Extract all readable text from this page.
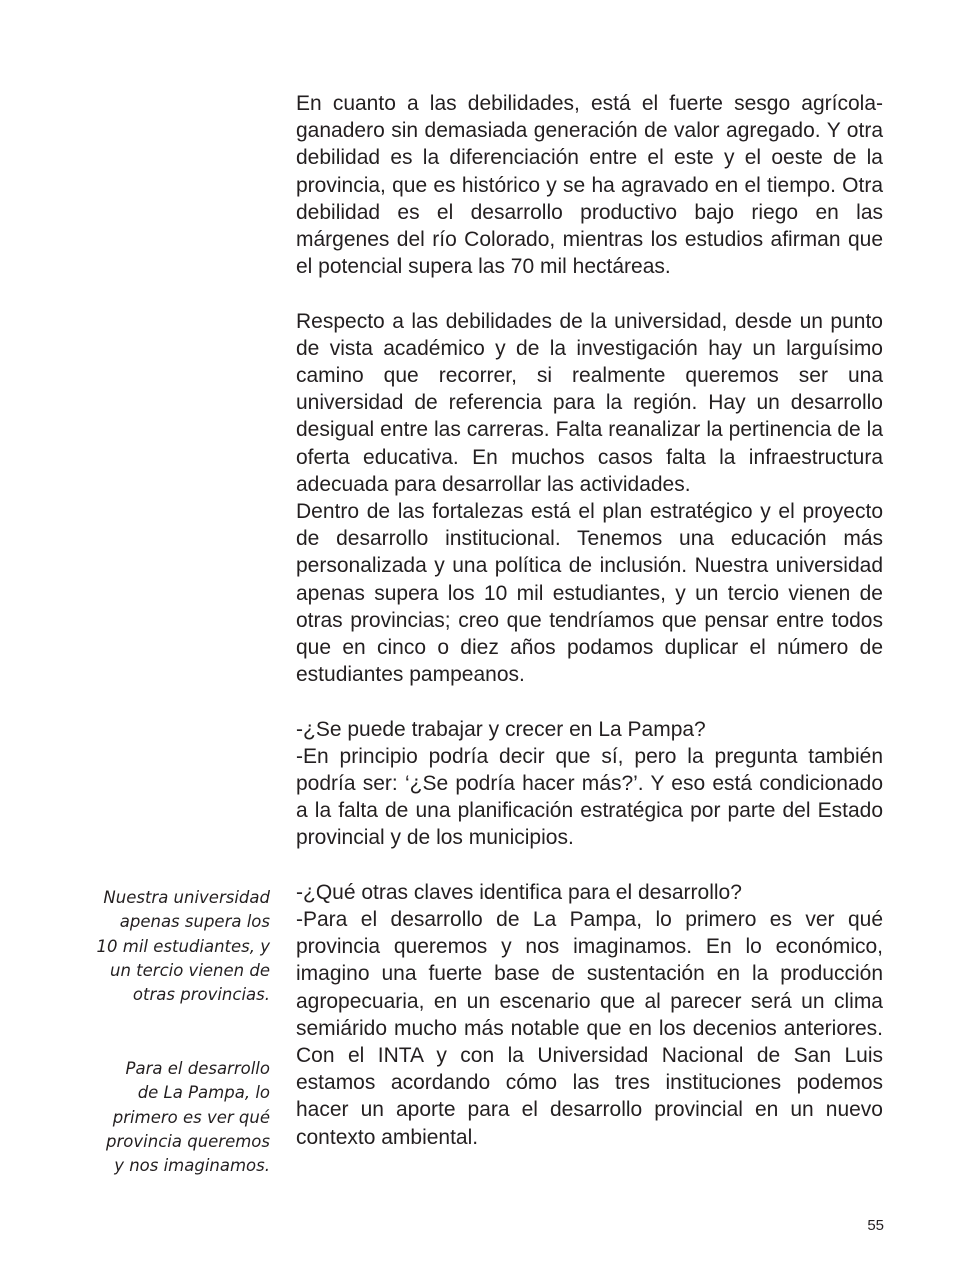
En cuanto a las debilidades, está el fuerte sesgo agrícola-ganadero sin demasiada generación de valor agregado. Y otra debilidad es la diferenciación entre el este y el oeste de la provincia, que es histórico y se ha agravado en el tiempo. Otra debilidad es el desarrollo productivo bajo riego en las márgenes del río Colorado, mientras los estudios afirman que el potencial supera las 70 mil hectáreas.

Respecto a las debilidades de la universidad, desde un punto de vista académico y de la investigación hay un larguísimo camino que recorrer, si realmente queremos ser una universidad de referencia para la región. Hay un desarrollo desigual entre las carreras. Falta reanalizar la pertinencia de la oferta educativa. En muchos casos falta la infraestructura adecuada para desarrollar las actividades.

Dentro de las fortalezas está el plan estratégico y el proyecto de desarrollo institucional. Tenemos una educación más personalizada y una política de inclusión. Nuestra universidad apenas supera los 10 mil estudiantes, y un tercio vienen de otras provincias; creo que tendríamos que pensar entre todos que en cinco o diez años podamos duplicar el número de estudiantes pampeanos.

-¿Se puede trabajar y crecer en La Pampa?

-En principio podría decir que sí, pero la pregunta también podría ser: ‘¿Se podría hacer más?’. Y eso está condicionado a la falta de una planificación estratégica por parte del Estado provincial y de los municipios.

-¿Qué otras claves identifica para el desarrollo?

-Para el desarrollo de La Pampa, lo primero es ver qué provincia queremos y nos imaginamos. En lo económico, imagino una fuerte base de sustentación en la producción agropecuaria, en un escenario que al parecer será un clima semiárido mucho más notable que en los decenios anteriores. Con el INTA y con la Universidad Nacional de San Luis estamos acordando cómo las tres instituciones podemos hacer un aporte para el desarrollo provincial en un nuevo contexto ambiental.

Nuestra universidad
apenas supera los
10 mil estudiantes, y
un tercio vienen de
otras provincias.
Para el desarrollo
de La Pampa, lo
primero es ver qué
provincia queremos
y nos imaginamos.
55
